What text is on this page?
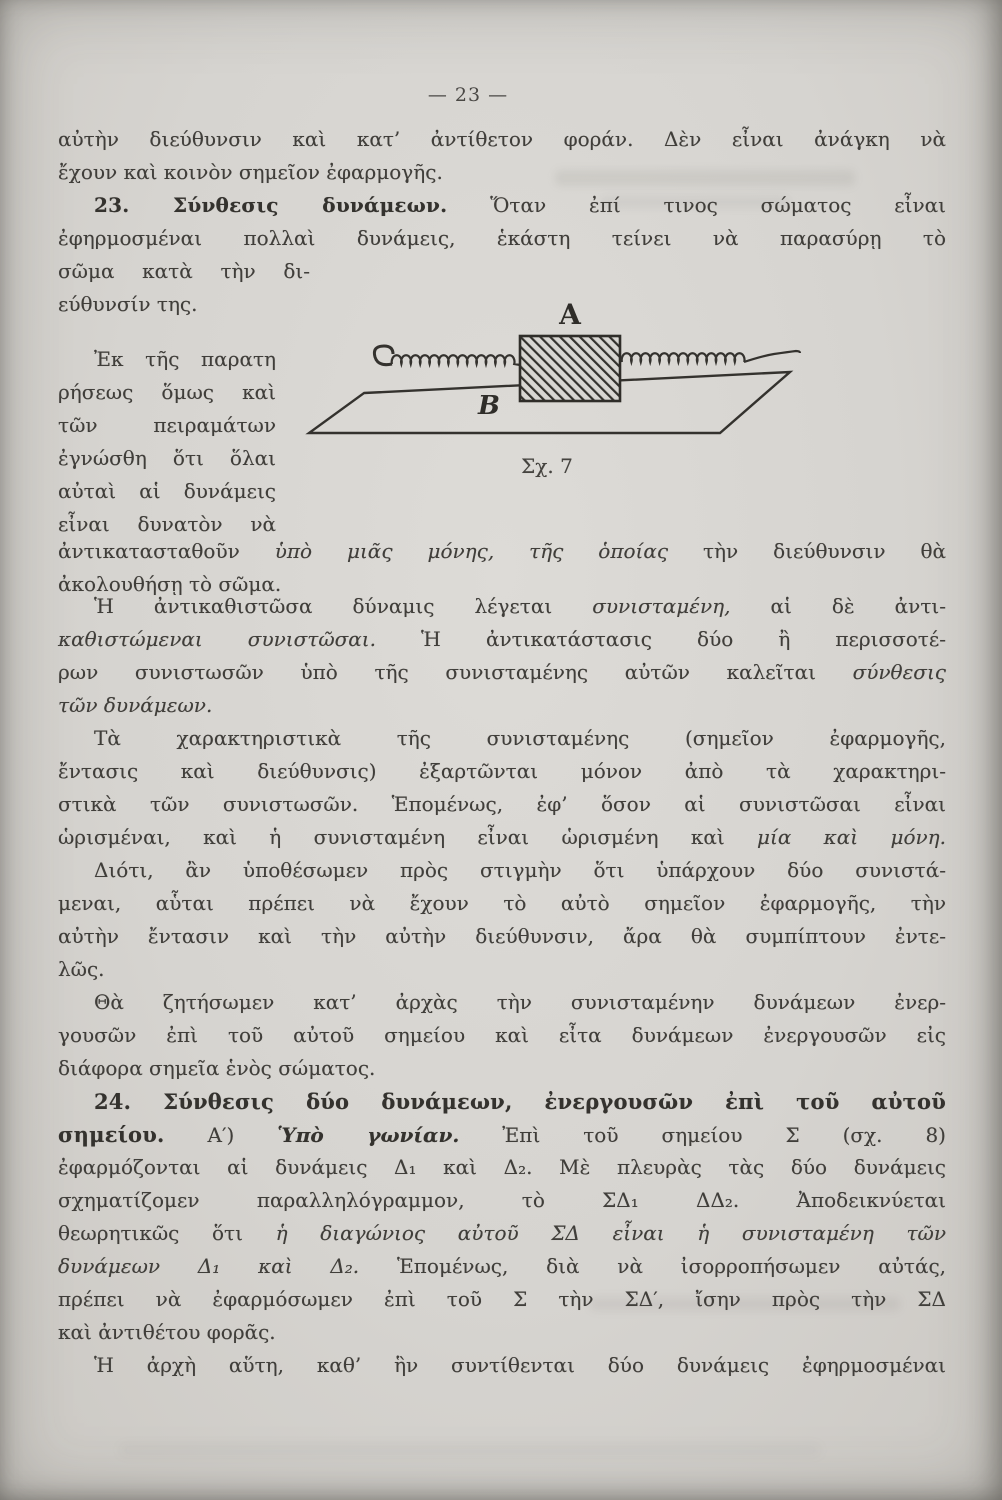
— 23 —
αὐτὴν διεύθυνσιν καὶ κατ’ ἀντίθετον φοράν. Δὲν εἶναι ἀνάγκη νὰ
ἔχουν καὶ κοινὸν σημεῖον ἐφαρμογῆς.
23. Σύνθεσις δυνάμεων. Ὅταν ἐπί τινος σώματος εἶναι
ἐφηρμοσμέναι πολλαὶ δυνάμεις, ἑκάστη τείνει νὰ παρασύρῃ τὸ
σῶμα κατὰ τὴν δι-
εύθυνσίν της.
Ἐκ τῆς παρατη
ρήσεως ὅμως καὶ
τῶν πειραμάτων
ἐγνώσθη ὅτι ὅλαι
αὐταὶ αἱ δυνάμεις
εἶναι δυνατὸν νὰ
A
B
Σχ. 7
ἀντικατασταθοῦν ὑπὸ μιᾶς μόνης, τῆς ὁποίας τὴν διεύθυνσιν θὰ
ἀκολουθήσῃ τὸ σῶμα.
Ἡ ἀντικαθιστῶσα δύναμις λέγεται συνισταμένη, αἱ δὲ ἀντι-
καθιστώμεναι συνιστῶσαι. Ἡ ἀντικατάστασις δύο ἢ περισσοτέ-
ρων συνιστωσῶν ὑπὸ τῆς συνισταμένης αὐτῶν καλεῖται σύνθεσις
τῶν δυνάμεων.
Τὰ χαρακτηριστικὰ τῆς συνισταμένης (σημεῖον ἐφαρμογῆς,
ἔντασις καὶ διεύθυνσις) ἐξαρτῶνται μόνον ἀπὸ τὰ χαρακτηρι-
στικὰ τῶν συνιστωσῶν. Ἑπομένως, ἐφ’ ὅσον αἱ συνιστῶσαι εἶναι
ὡρισμέναι, καὶ ἡ συνισταμένη εἶναι ὡρισμένη καὶ μία καὶ μόνη.
Διότι, ἂν ὑποθέσωμεν πρὸς στιγμὴν ὅτι ὑπάρχουν δύο συνιστά-
μεναι, αὗται πρέπει νὰ ἔχουν τὸ αὐτὸ σημεῖον ἐφαρμογῆς, τὴν
αὐτὴν ἔντασιν καὶ τὴν αὐτὴν διεύθυνσιν, ἄρα θὰ συμπίπτουν ἐντε-
λῶς.
Θὰ ζητήσωμεν κατ’ ἀρχὰς τὴν συνισταμένην δυνάμεων ἐνερ-
γουσῶν ἐπὶ τοῦ αὐτοῦ σημείου καὶ εἶτα δυνάμεων ἐνεργουσῶν εἰς
διάφορα σημεῖα ἑνὸς σώματος.
24. Σύνθεσις δύο δυνάμεων, ἐνεργουσῶν ἐπὶ τοῦ αὐτοῦ
σημείου. Α′) Ὑπὸ γωνίαν. Ἐπὶ τοῦ σημείου Σ (σχ. 8)
ἐφαρμόζονται αἱ δυνάμεις Δ₁ καὶ Δ₂. Μὲ πλευρὰς τὰς δύο δυνάμεις
σχηματίζομεν παραλληλόγραμμον, τὸ ΣΔ₁ ΔΔ₂. Ἀποδεικνύεται
θεωρητικῶς ὅτι ἡ διαγώνιος αὐτοῦ ΣΔ εἶναι ἡ συνισταμένη τῶν
δυνάμεων Δ₁ καὶ Δ₂. Ἑπομένως, διὰ νὰ ἰσορροπήσωμεν αὐτάς,
πρέπει νὰ ἐφαρμόσωμεν ἐπὶ τοῦ Σ τὴν ΣΔ′, ἴσην πρὸς τὴν ΣΔ
καὶ ἀντιθέτου φορᾶς.
Ἡ ἀρχὴ αὕτη, καθ’ ἣν συντίθενται δύο δυνάμεις ἐφηρμοσμέναι
